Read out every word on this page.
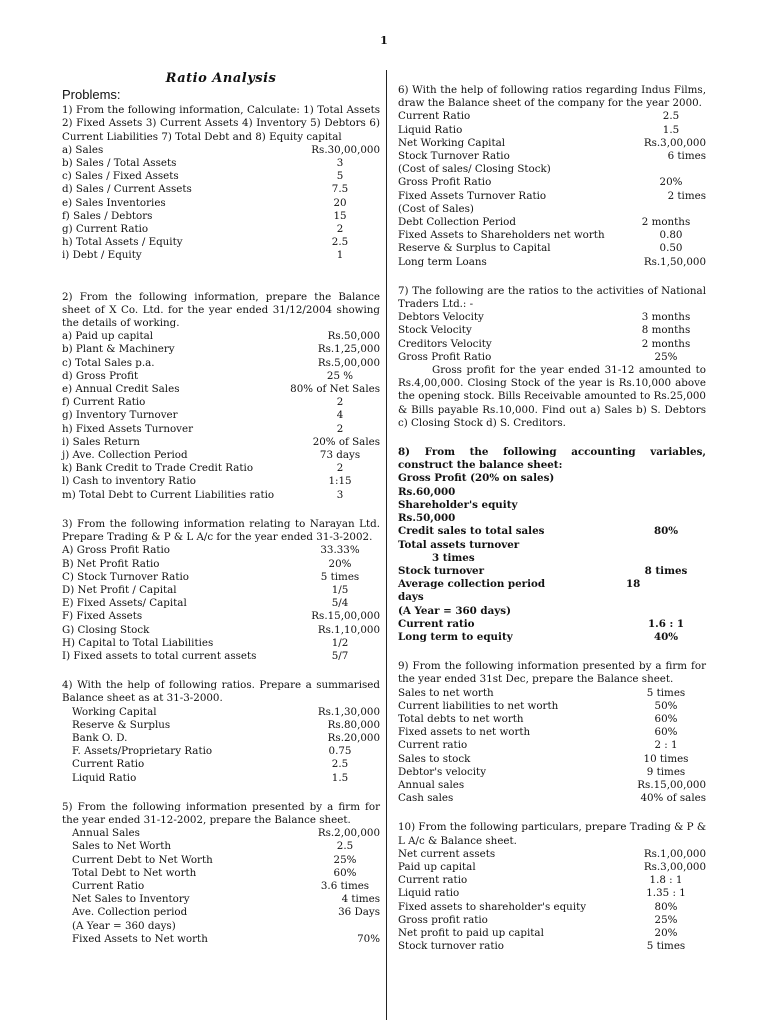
1
Ratio Analysis
Problems:
1) From the following information, Calculate: 1) Total Assets 2) Fixed Assets 3) Current Assets 4) Inventory 5) Debtors 6) Current Liabilities 7) Total Debt and 8) Equity capital
a) Sales	Rs.30,00,000
b) Sales / Total Assets	3
c) Sales / Fixed Assets	5
d) Sales / Current Assets	7.5
e) Sales Inventories	20
f) Sales / Debtors	15
g) Current Ratio	2
h) Total Assets / Equity	2.5
i) Debt / Equity	1
2) From the following information, prepare the Balance sheet of X Co. Ltd. for the year ended 31/12/2004 showing the details of working.
a) Paid up capital	Rs.50,000
b) Plant & Machinery	Rs.1,25,000
c) Total Sales p.a.	Rs.5,00,000
d) Gross Profit	25 %
e) Annual Credit Sales	80% of Net Sales
f) Current Ratio	2
g) Inventory Turnover	4
h) Fixed Assets Turnover	2
i) Sales Return	20% of Sales
j) Ave. Collection Period	73 days
k) Bank Credit to Trade Credit Ratio	2
l) Cash to inventory Ratio	1:15
m) Total Debt to Current Liabilities ratio	3
3) From the following information relating to Narayan Ltd. Prepare Trading & P & L A/c for the year ended 31-3-2002.
A) Gross Profit Ratio	33.33%
B) Net Profit Ratio	20%
C) Stock Turnover Ratio	5 times
D) Net Profit / Capital	1/5
E) Fixed Assets/ Capital	5/4
F) Fixed Assets	Rs.15,00,000
G) Closing Stock	Rs.1,10,000
H) Capital to Total Liabilities	1/2
I) Fixed assets to total current assets	5/7
4) With the help of following ratios. Prepare a summarised Balance sheet as at 31-3-2000.
Working Capital	Rs.1,30,000
Reserve & Surplus	Rs.80,000
Bank O. D.	Rs.20,000
F. Assets/Proprietary Ratio	0.75
Current Ratio	2.5
Liquid Ratio	1.5
5) From the following information presented by a firm for the year ended 31-12-2002, prepare the Balance sheet.
Annual Sales	Rs.2,00,000
Sales to Net Worth	2.5
Current Debt to Net Worth	25%
Total Debt to Net worth	60%
Current Ratio	3.6 times
Net Sales to Inventory	4 times
Ave. Collection period	36 Days
(A Year = 360 days)
Fixed Assets to Net worth	70%
6) With the help of following ratios regarding Indus Films, draw the Balance sheet of the company for the year 2000.
Current Ratio	2.5
Liquid Ratio	1.5
Net Working Capital	Rs.3,00,000
Stock Turnover Ratio	6 times
(Cost of sales/ Closing Stock)
Gross Profit Ratio	20%
Fixed Assets Turnover Ratio	2 times
(Cost of Sales)
Debt Collection Period	2 months
Fixed Assets to Shareholders net worth	0.80
Reserve & Surplus to Capital	0.50
Long term Loans	Rs.1,50,000
7) The following are the ratios to the activities of National Traders Ltd.: -
Debtors Velocity	3 months
Stock Velocity	8 months
Creditors Velocity	2 months
Gross Profit Ratio	25%
Gross profit for the year ended 31-12 amounted to Rs.4,00,000. Closing Stock of the year is Rs.10,000 above the opening stock. Bills Receivable amounted to Rs.25,000 & Bills payable Rs.10,000. Find out a) Sales b) S. Debtors c) Closing Stock d) S. Creditors.
8) From the following accounting variables, construct the balance sheet:
Gross Profit (20% on sales)
Rs.60,000
Shareholder's equity
Rs.50,000
Credit sales to total sales	80%
Total assets turnover
3 times
Stock turnover	8 times
Average collection period	18
days
(A Year = 360 days)
Current ratio	1.6 : 1
Long term to equity	40%
9) From the following information presented by a firm for the year ended 31st Dec, prepare the Balance sheet.
Sales to net worth	5 times
Current liabilities to net worth	50%
Total debts to net worth	60%
Fixed assets to net worth	60%
Current ratio	2 : 1
Sales to stock	10 times
Debtor's velocity	9 times
Annual sales	Rs.15,00,000
Cash sales	40% of sales
10) From the following particulars, prepare Trading & P & L A/c & Balance sheet.
Net current assets	Rs.1,00,000
Paid up capital	Rs.3,00,000
Current ratio	1.8 : 1
Liquid ratio	1.35 : 1
Fixed assets to shareholder's equity	80%
Gross profit ratio	25%
Net profit to paid up capital	20%
Stock turnover ratio	5 times
